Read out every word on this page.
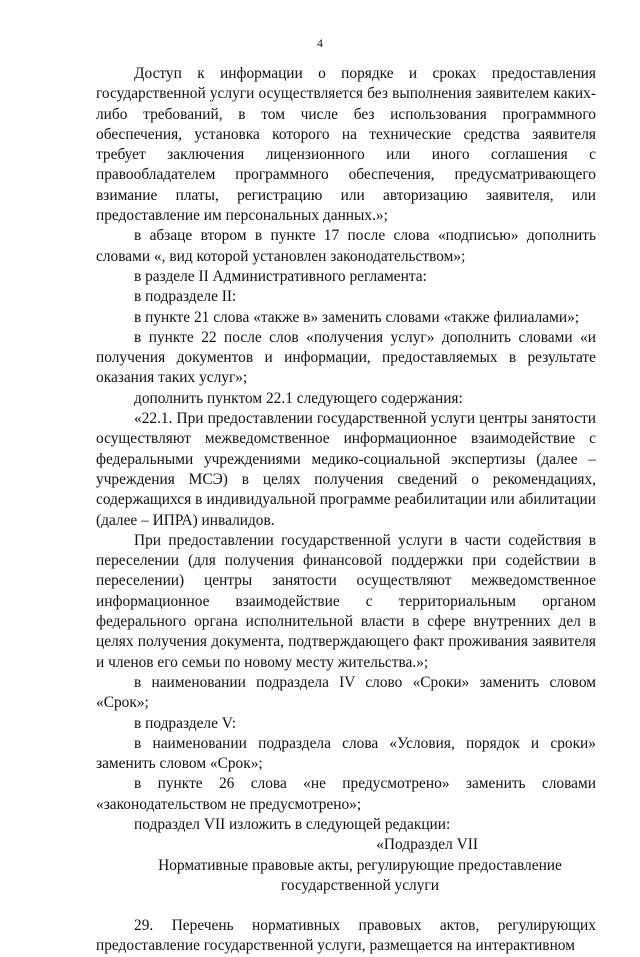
4

Доступ к информации о порядке и сроках предоставления государственной услуги осуществляется без выполнения заявителем каких-либо требований, в том числе без использования программного обеспечения, установка которого на технические средства заявителя требует заключения лицензионного или иного соглашения с правообладателем программного обеспечения, предусматривающего взимание платы, регистрацию или авторизацию заявителя, или предоставление им персональных данных.»;

в абзаце втором в пункте 17 после слова «подписью» дополнить словами «, вид которой установлен законодательством»;

в разделе II Административного регламента:

в подразделе II:

в пункте 21 слова «также в» заменить словами «также филиалами»;

в пункте 22 после слов «получения услуг» дополнить словами «и получения документов и информации, предоставляемых в результате оказания таких услуг»;

дополнить пунктом 22.1 следующего содержания:

«22.1. При предоставлении государственной услуги центры занятости осуществляют межведомственное информационное взаимодействие с федеральными учреждениями медико-социальной экспертизы (далее – учреждения МСЭ) в целях получения сведений о рекомендациях, содержащихся в индивидуальной программе реабилитации или абилитации (далее – ИПРА) инвалидов.

При предоставлении государственной услуги в части содействия в переселении (для получения финансовой поддержки при содействии в переселении) центры занятости осуществляют межведомственное информационное взаимодействие с территориальным органом федерального органа исполнительной власти в сфере внутренних дел в целях получения документа, подтверждающего факт проживания заявителя и членов его семьи по новому месту жительства.»;

в наименовании подраздела IV слово «Сроки» заменить словом «Срок»;

в подразделе V:

в наименовании подраздела слова «Условия, порядок и сроки» заменить словом «Срок»;

в пункте 26 слова «не предусмотрено» заменить словами «законодательством не предусмотрено»;

подраздел VII изложить в следующей редакции:

«Подраздел VII

Нормативные правовые акты, регулирующие предоставление государственной услуги

29. Перечень нормативных правовых актов, регулирующих предоставление государственной услуги, размещается на интерактивном
